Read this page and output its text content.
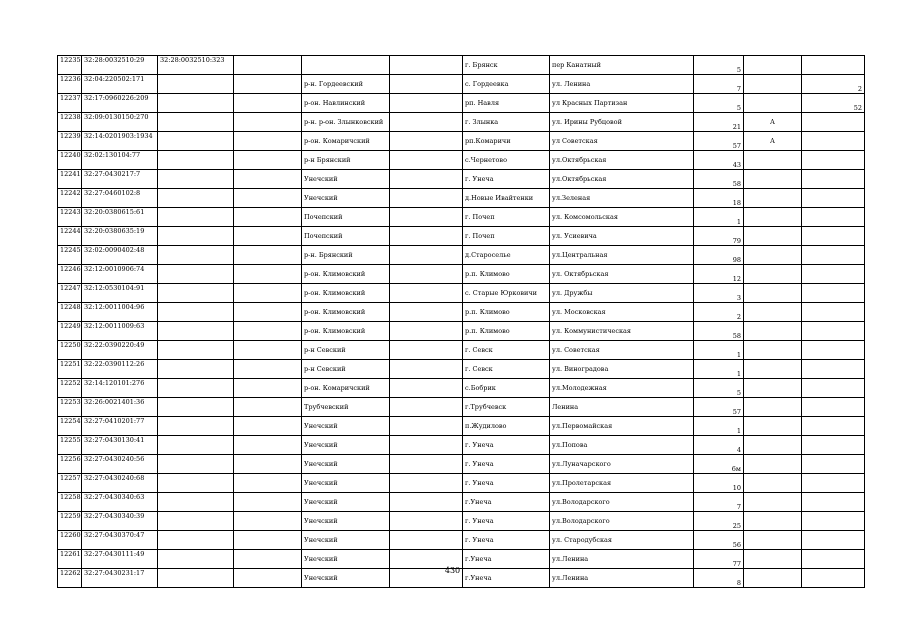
12235	32:28:0032510:29	32:28:0032510:323				г. Брянск	пер Канатный	5		
12236	32:04:220502:171			р-н. Гордеевский		с. Гордеевка	ул. Ленина	7		2
12237	32:17:0960226:209			р-он. Навлинский		рп. Навля	ул Красных Партизан	5		52
12238	32:09:0130150:270			р-н. р-он. Злынковский		г. Злынка	ул. Ирины Рубцовой	21	А	
12239	32:14:0201903:1934			р-он. Комаричский		рп.Комаричи	ул Советская	57	А	
12240	32:02:130104:77			р-н Брянский		с.Чернетово	ул.Октябрьская	43		
12241	32:27:0430217:7			Унечский		г. Унеча	ул.Октябрьская	58		
12242	32:27:0460102:8			Унечский		д.Новые Ивайтенки	ул.Зеленая	18		
12243	32:20:0380615:61			Почепский		г. Почеп	ул. Комсомольская	1		
12244	32:20:0380635:19			Почепский		г. Почеп	ул. Усиевича	79		
12245	32:02:0090402:48			р-н. Брянский		д.Староселье	ул.Центральная	98		
12246	32:12:0010906:74			р-он. Климовский		р.п. Климово	ул. Октябрьская	12		
12247	32:12:0530104:91			р-он. Климовский		с. Старые Юрковичи	ул. Дружбы	3		
12248	32:12:0011004:96			р-он. Климовский		р.п. Климово	ул. Московская	2		
12249	32:12:0011009:63			р-он. Климовский		р.п. Климово	ул. Коммунистическая	58		
12250	32:22:0390220:49			р-н Севский		г. Севск	ул. Советская	1		
12251	32:22:0390112:26			р-н Севский		г. Севск	ул. Виноградова	1		
12252	32:14:120101:276			р-он. Комаричский		с.Бобрик	ул.Молодежная	5		
12253	32:26:0021401:36			Трубчевский		г.Трубчевск	Ленина	57		
12254	32:27:0410201:77			Унечский		п.Жудилово	ул.Первомайская	1		
12255	32:27:0430130:41			Унечский		г. Унеча	ул.Попова	4		
12256	32:27:0430240:56			Унечский		г. Унеча	ул.Луначарского	6м		
12257	32:27:0430240:68			Унечский		г. Унеча	ул.Пролетарская	10		
12258	32:27:0430340:63			Унечский		г.Унеча	ул.Володарского	7		
12259	32:27:0430340:39			Унечский		г. Унеча	ул.Володарского	25		
12260	32:27:0430370:47			Унечский		г. Унеча	ул. Стародубская	56		
12261	32:27:0430111:49			Унечский		г.Унеча	ул.Ленина	77		
12262	32:27:0430231:17			Унечский		г.Унеча	ул.Ленина	8		
430
